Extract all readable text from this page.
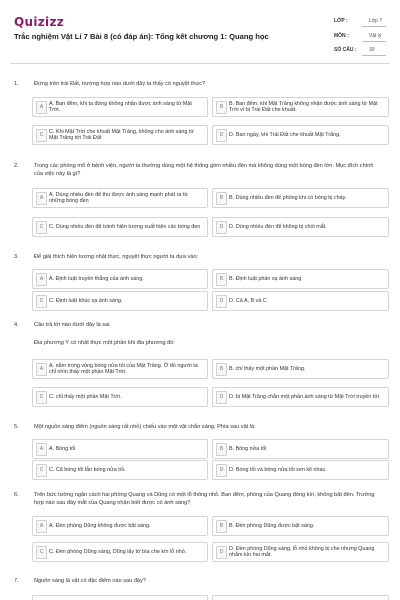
Quizizz
Trắc nghiệm Vật Lí 7 Bài 8 (có đáp án): Tổng kết chương 1: Quang học
LỚP :	Lớp 7
MÔN :	Vật lý
SỐ CÂU :	30
1.	Đứng trên trái Đất, trường hợp nào dưới đây ta thấy có nguyệt thực?
A
A. Ban đêm, khi ta đứng không nhận được ánh sáng từ Mặt Trời.	B
B. Ban đêm, khi Mặt Trăng không nhận được ánh sáng từ Mặt Trời vì bị Trái Đất che khuất.
C
C. Khi Mặt Trời che khuất Mặt Trăng, không cho ánh sáng từ Mặt Trăng tới Trái Đất	D	D. Ban ngày, khi Trái Đất che khuất Mặt Trăng.
2.	Trong các phòng mổ ở bệnh viện, người ta thường dùng một hệ thống gồm nhiều đèn mà không dùng một bóng đèn lớn. Mục đích chính của việc này là gì?
A
A. Dùng nhiều đèn để thu được ánh sáng mạnh phát ra từ những bóng đèn	B	B. Dùng nhiều đèn để phòng khi có bóng bị cháy.
C	C. Dùng nhiều đèn để tránh hiện tượng xuất hiện các bóng đen	D	D. Dùng nhiều đèn để không bị chói mắt.
3.	Để giải thích hiện tượng nhật thực, nguyệt thực người ta dựa vào:
A	A. Định luật truyền thẳng của ánh sáng.	B	B. Định luật phản xạ ánh sáng
C	C. Định luật khúc xạ ánh sáng.	D	D. Cả A, B và C
4.	Câu trả lời nào dưới đây là sai
Đia phương Y có nhật thực một phần khi đia phương đó:
A
A. nằm trong vùng bóng nửa tối của Mặt Trăng. Ở đó người ta chỉ nhìn thấy một phần Mặt Trời.	B	B. chỉ thấy một phần Mặt Trăng.
C	C. chỉ thấy một phần Mặt Trời.	D	D. bị Mặt Trăng chắn một phần ánh sáng từ Mặt Trời truyền tới.
5.	Một nguồn sáng điểm (nguồn sáng rất nhỏ) chiếu vào một vật chắn sáng. Phía sau vật là:
A	A. Bóng tối	B	B. Bóng nửa tối
C	C. Cả bóng tối lẫn bóng nửa tối.	D	D. Bóng tối và bóng nửa tối xen kẽ nhau
6.	Trên bức tường ngăn cách hai phòng Quang và Dũng có một lỗ thông nhỏ. Ban đêm, phòng của Quang đóng kín, không bật đèn. Trường hợp nào sau đây mắt của Quang nhận biết được có ánh sáng?
A	A. Đèn phòng Dũng không được bật sáng.	B	B. Đèn phòng Dũng được bật sáng.
C	C. Đèn phòng Dũng sáng, Dũng lấy tờ bìa che kín lỗ nhỏ.	D
D. Đèn phòng Dũng sáng, lỗ nhỏ không bị che nhưng Quang nhắm kín hai mắt.
7.	Nguồn sáng là vật có đặc điểm nào sau đây?
